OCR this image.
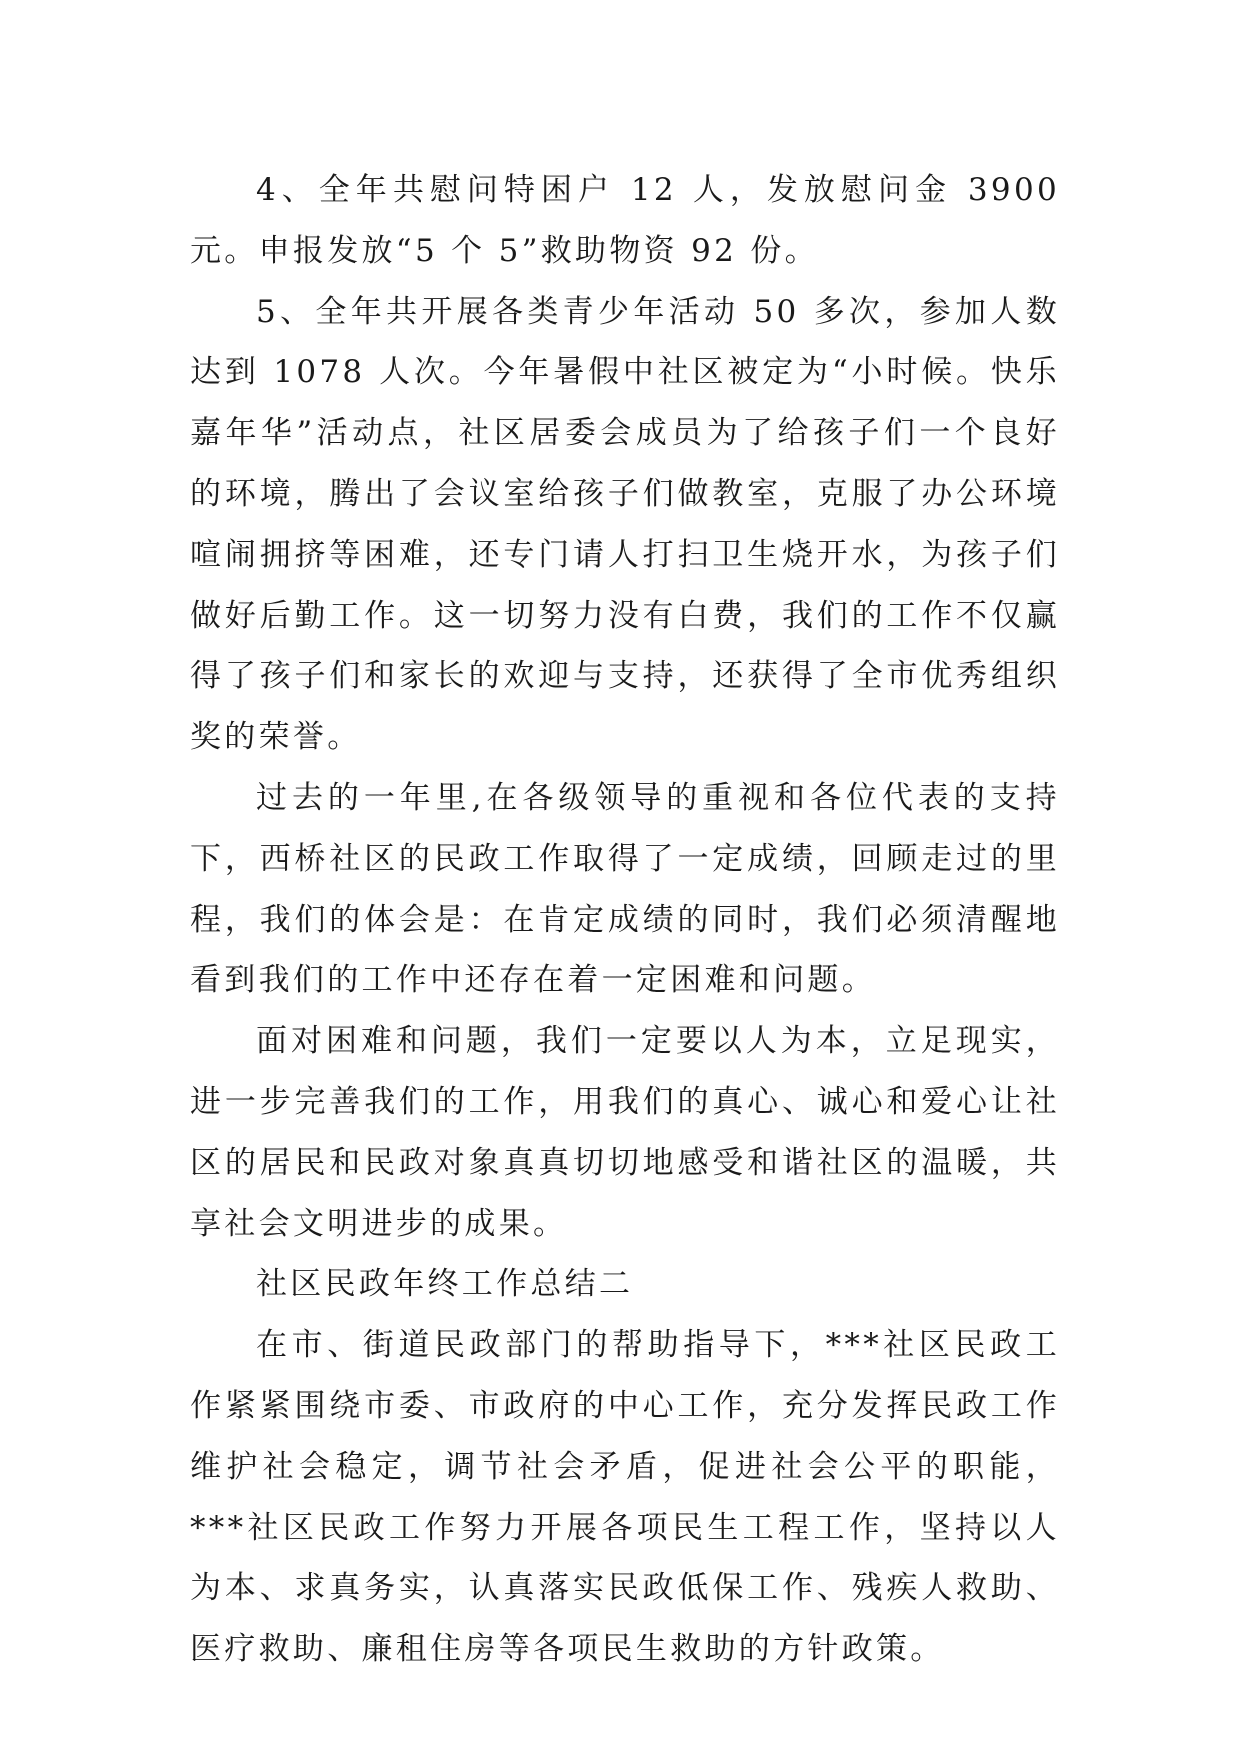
4、全年共慰问特困户 12 人，发放慰问金 3900 元。申报发放“5 个 5”救助物资 92 份。

5、全年共开展各类青少年活动 50 多次，参加人数达到 1078 人次。今年暑假中社区被定为“小时候。快乐嘉年华”活动点，社区居委会成员为了给孩子们一个良好的环境，腾出了会议室给孩子们做教室，克服了办公环境喧闹拥挤等困难，还专门请人打扫卫生烧开水，为孩子们做好后勤工作。这一切努力没有白费，我们的工作不仅赢得了孩子们和家长的欢迎与支持，还获得了全市优秀组织奖的荣誉。

过去的一年里,在各级领导的重视和各位代表的支持下，西桥社区的民政工作取得了一定成绩，回顾走过的里程，我们的体会是：在肯定成绩的同时，我们必须清醒地看到我们的工作中还存在着一定困难和问题。

面对困难和问题，我们一定要以人为本，立足现实，进一步完善我们的工作，用我们的真心、诚心和爱心让社区的居民和民政对象真真切切地感受和谐社区的温暖，共享社会文明进步的成果。

社区民政年终工作总结二

在市、街道民政部门的帮助指导下，***社区民政工作紧紧围绕市委、市政府的中心工作，充分发挥民政工作维护社会稳定，调节社会矛盾，促进社会公平的职能，***社区民政工作努力开展各项民生工程工作，坚持以人为本、求真务实，认真落实民政低保工作、残疾人救助、医疗救助、廉租住房等各项民生救助的方针政策。
